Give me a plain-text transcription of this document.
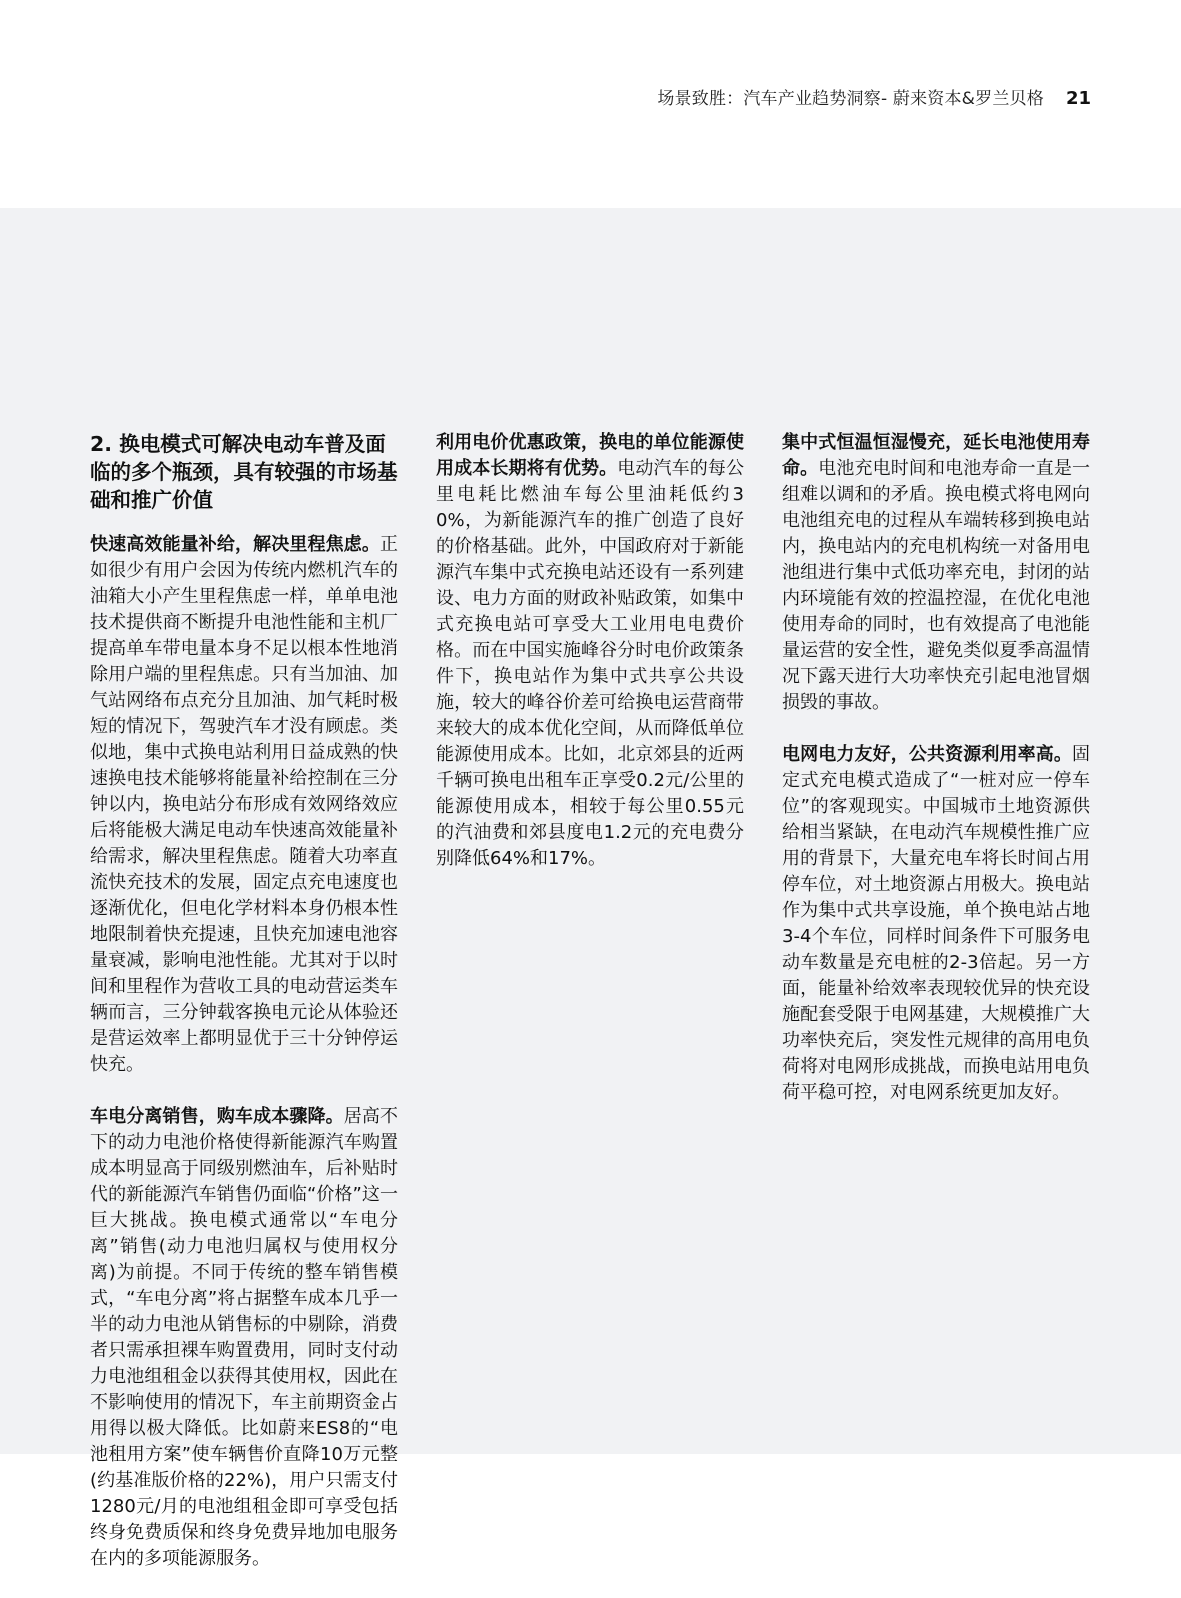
场景致胜：汽车产业趋势洞察- 蔚来资本&罗兰贝格 21
2. 换电模式可解决电动车普及面临的多个瓶颈，具有较强的市场基础和推广价值

快速高效能量补给，解决里程焦虑。正如很少有用户会因为传统内燃机汽车的油箱大小产生里程焦虑一样，单单电池技术提供商不断提升电池性能和主机厂提高单车带电量本身不足以根本性地消除用户端的里程焦虑。只有当加油、加气站网络布点充分且加油、加气耗时极短的情况下，驾驶汽车才没有顾虑。类似地，集中式换电站利用日益成熟的快速换电技术能够将能量补给控制在三分钟以内，换电站分布形成有效网络效应后将能极大满足电动车快速高效能量补给需求，解决里程焦虑。随着大功率直流快充技术的发展，固定点充电速度也逐渐优化，但电化学材料本身仍根本性地限制着快充提速，且快充加速电池容量衰减，影响电池性能。尤其对于以时间和里程作为营收工具的电动营运类车辆而言，三分钟载客换电元论从体验还是营运效率上都明显优于三十分钟停运快充。

车电分离销售，购车成本骤降。居高不下的动力电池价格使得新能源汽车购置成本明显高于同级别燃油车，后补贴时代的新能源汽车销售仍面临“价格”这一巨大挑战。换电模式通常以“车电分离”销售(动力电池归属权与使用权分离)为前提。不同于传统的整车销售模式，“车电分离”将占据整车成本几乎一半的动力电池从销售标的中剔除，消费者只需承担裸车购置费用，同时支付动力电池组租金以获得其使用权，因此在不影响使用的情况下，车主前期资金占用得以极大降低。比如蔚来ES8的“电池租用方案”使车辆售价直降10万元整(约基准版价格的22%)，用户只需支付1280元/月的电池组租金即可享受包括终身免费质保和终身免费异地加电服务在内的多项能源服务。

利用电价优惠政策，换电的单位能源使用成本长期将有优势。电动汽车的每公里电耗比燃油车每公里油耗低约30%，为新能源汽车的推广创造了良好的价格基础。此外，中国政府对于新能源汽车集中式充换电站还设有一系列建设、电力方面的财政补贴政策，如集中式充换电站可享受大工业用电电费价格。而在中国实施峰谷分时电价政策条件下，换电站作为集中式共享公共设施，较大的峰谷价差可给换电运营商带来较大的成本优化空间，从而降低单位能源使用成本。比如，北京郊县的近两千辆可换电出租车正享受0.2元/公里的能源使用成本，相较于每公里0.55元的汽油费和郊县度电1.2元的充电费分别降低64%和17%。

集中式恒温恒湿慢充，延长电池使用寿命。电池充电时间和电池寿命一直是一组难以调和的矛盾。换电模式将电网向电池组充电的过程从车端转移到换电站内，换电站内的充电机构统一对备用电池组进行集中式低功率充电，封闭的站内环境能有效的控温控湿，在优化电池使用寿命的同时，也有效提高了电池能量运营的安全性，避免类似夏季高温情况下露天进行大功率快充引起电池冒烟损毁的事故。

电网电力友好，公共资源利用率高。固定式充电模式造成了“一桩对应一停车位”的客观现实。中国城市土地资源供给相当紧缺，在电动汽车规模性推广应用的背景下，大量充电车将长时间占用停车位，对土地资源占用极大。换电站作为集中式共享设施，单个换电站占地3-4个车位，同样时间条件下可服务电动车数量是充电桩的2-3倍起。另一方面，能量补给效率表现较优异的快充设施配套受限于电网基建，大规模推广大功率快充后，突发性元规律的高用电负荷将对电网形成挑战，而换电站用电负荷平稳可控，对电网系统更加友好。
